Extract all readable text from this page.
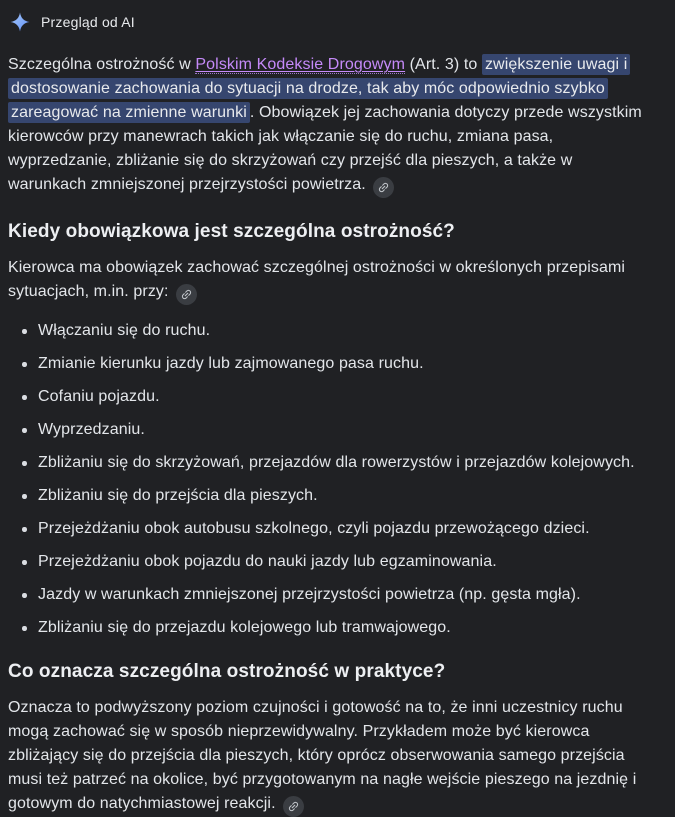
Przegląd od AI

Szczególna ostrożność w Polskim Kodeksie Drogowym (Art. 3) to zwiększenie uwagi i dostosowanie zachowania do sytuacji na drodze, tak aby móc odpowiednio szybko zareagować na zmienne warunki . Obowiązek jej zachowania dotyczy przede wszystkim kierowców przy manewrach takich jak włączanie się do ruchu, zmiana pasa, wyprzedzanie, zbliżanie się do skrzyżowań czy przejść dla pieszych, a także w warunkach zmniejszonej przejrzystości powietrza.

Kiedy obowiązkowa jest szczególna ostrożność?

Kierowca ma obowiązek zachować szczególnej ostrożności w określonych przepisami sytuacjach, m.in. przy:

Włączaniu się do ruchu.
Zmianie kierunku jazdy lub zajmowanego pasa ruchu.
Cofaniu pojazdu.
Wyprzedzaniu.
Zbliżaniu się do skrzyżowań, przejazdów dla rowerzystów i przejazdów kolejowych.
Zbliżaniu się do przejścia dla pieszych.
Przejeżdżaniu obok autobusu szkolnego, czyli pojazdu przewożącego dzieci.
Przejeżdżaniu obok pojazdu do nauki jazdy lub egzaminowania.
Jazdy w warunkach zmniejszonej przejrzystości powietrza (np. gęsta mgła).
Zbliżaniu się do przejazdu kolejowego lub tramwajowego.
Co oznacza szczególna ostrożność w praktyce?

Oznacza to podwyższony poziom czujności i gotowość na to, że inni uczestnicy ruchu mogą zachować się w sposób nieprzewidywalny. Przykładem może być kierowca zbliżający się do przejścia dla pieszych, który oprócz obserwowania samego przejścia musi też patrzeć na okolice, być przygotowanym na nagłe wejście pieszego na jezdnię i gotowym do natychmiastowej reakcji.
